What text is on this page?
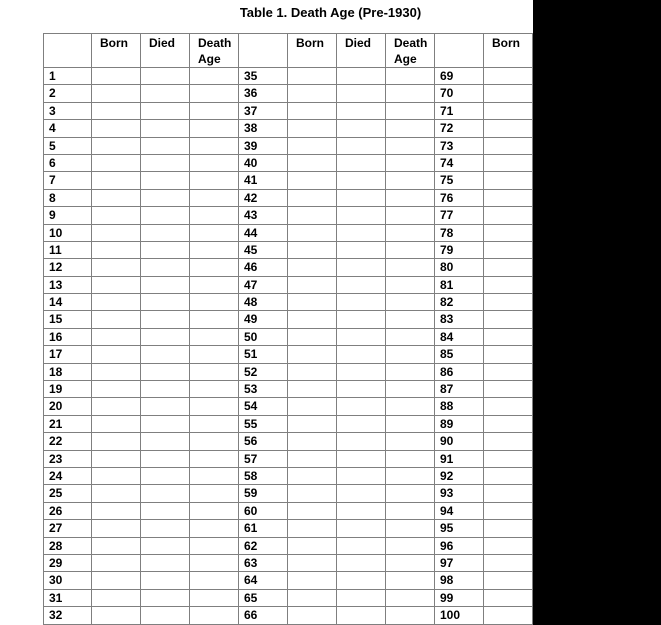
Table 1. Death Age (Pre-1930)
	Born	Died	Death Age		Born	Died	Death Age		Born
1				35				69	
2				36				70	
3				37				71	
4				38				72	
5				39				73	
6				40				74	
7				41				75	
8				42				76	
9				43				77	
10				44				78	
11				45				79	
12				46				80	
13				47				81	
14				48				82	
15				49				83	
16				50				84	
17				51				85	
18				52				86	
19				53				87	
20				54				88	
21				55				89	
22				56				90	
23				57				91	
24				58				92	
25				59				93	
26				60				94	
27				61				95	
28				62				96	
29				63				97	
30				64				98	
31				65				99	
32				66				100	
